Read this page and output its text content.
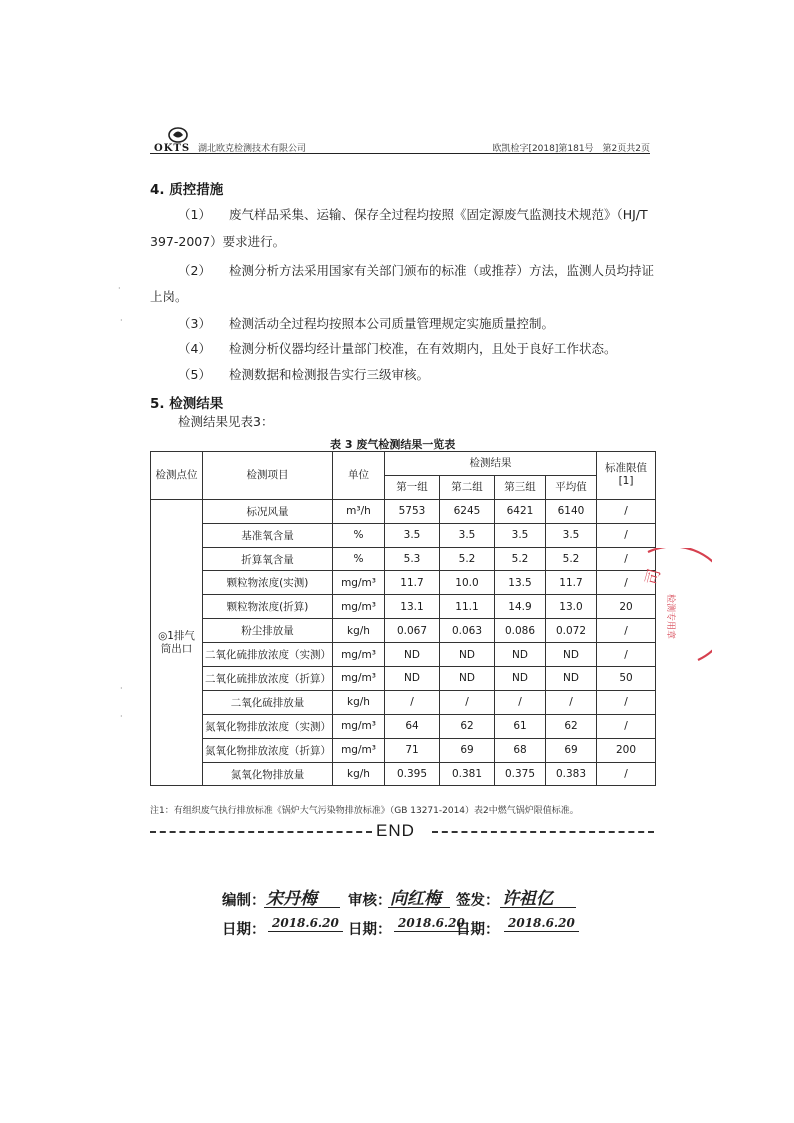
OKTS 湖北欧克检测技术有限公司	欧凯检字[2018]第181号　第2页共2页
4. 质控措施
（1） 废气样品采集、运输、保存全过程均按照《固定源废气监测技术规范》（HJ/T
397-2007）要求进行。
（2） 检测分析方法采用国家有关部门颁布的标准（或推荐）方法，监测人员均持证
上岗。
（3） 检测活动全过程均按照本公司质量管理规定实施质量控制。
（4） 检测分析仪器均经计量部门校准，在有效期内，且处于良好工作状态。
（5） 检测数据和检测报告实行三级审核。
5. 检测结果
检测结果见表3：
表 3 废气检测结果一览表
检测点位	检测项目	单位	检测结果				标准限值[1]
			第一组	第二组	第三组	平均值	
◎1排气筒出口	标况风量	m³/h	5753	6245	6421	6140	/
	基准氧含量	%	3.5	3.5	3.5	3.5	/
	折算氧含量	%	5.3	5.2	5.2	5.2	/
	颗粒物浓度(实测)	mg/m³	11.7	10.0	13.5	11.7	/
	颗粒物浓度(折算)	mg/m³	13.1	11.1	14.9	13.0	20
	粉尘排放量	kg/h	0.067	0.063	0.086	0.072	/
	二氧化硫排放浓度（实测）	mg/m³	ND	ND	ND	ND	/
	二氧化硫排放浓度（折算）	mg/m³	ND	ND	ND	ND	50
	二氧化硫排放量	kg/h	/	/	/	/	/
	氮氧化物排放浓度（实测）	mg/m³	64	62	61	62	/
	氮氧化物排放浓度（折算）	mg/m³	71	69	68	69	200
	氮氧化物排放量	kg/h	0.395	0.381	0.375	0.383	/
注1：有组织废气执行排放标准《锅炉大气污染物排放标准》（GB 13271-2014）表2中燃气锅炉限值标准。
END
编制： 宋丹梅 审核：
向红梅 签发： 许祖亿
日期： 2018.6.20 日期： 2018.6.20
日期： 2018.6.20
司
检测专用章
·
·
·
·
